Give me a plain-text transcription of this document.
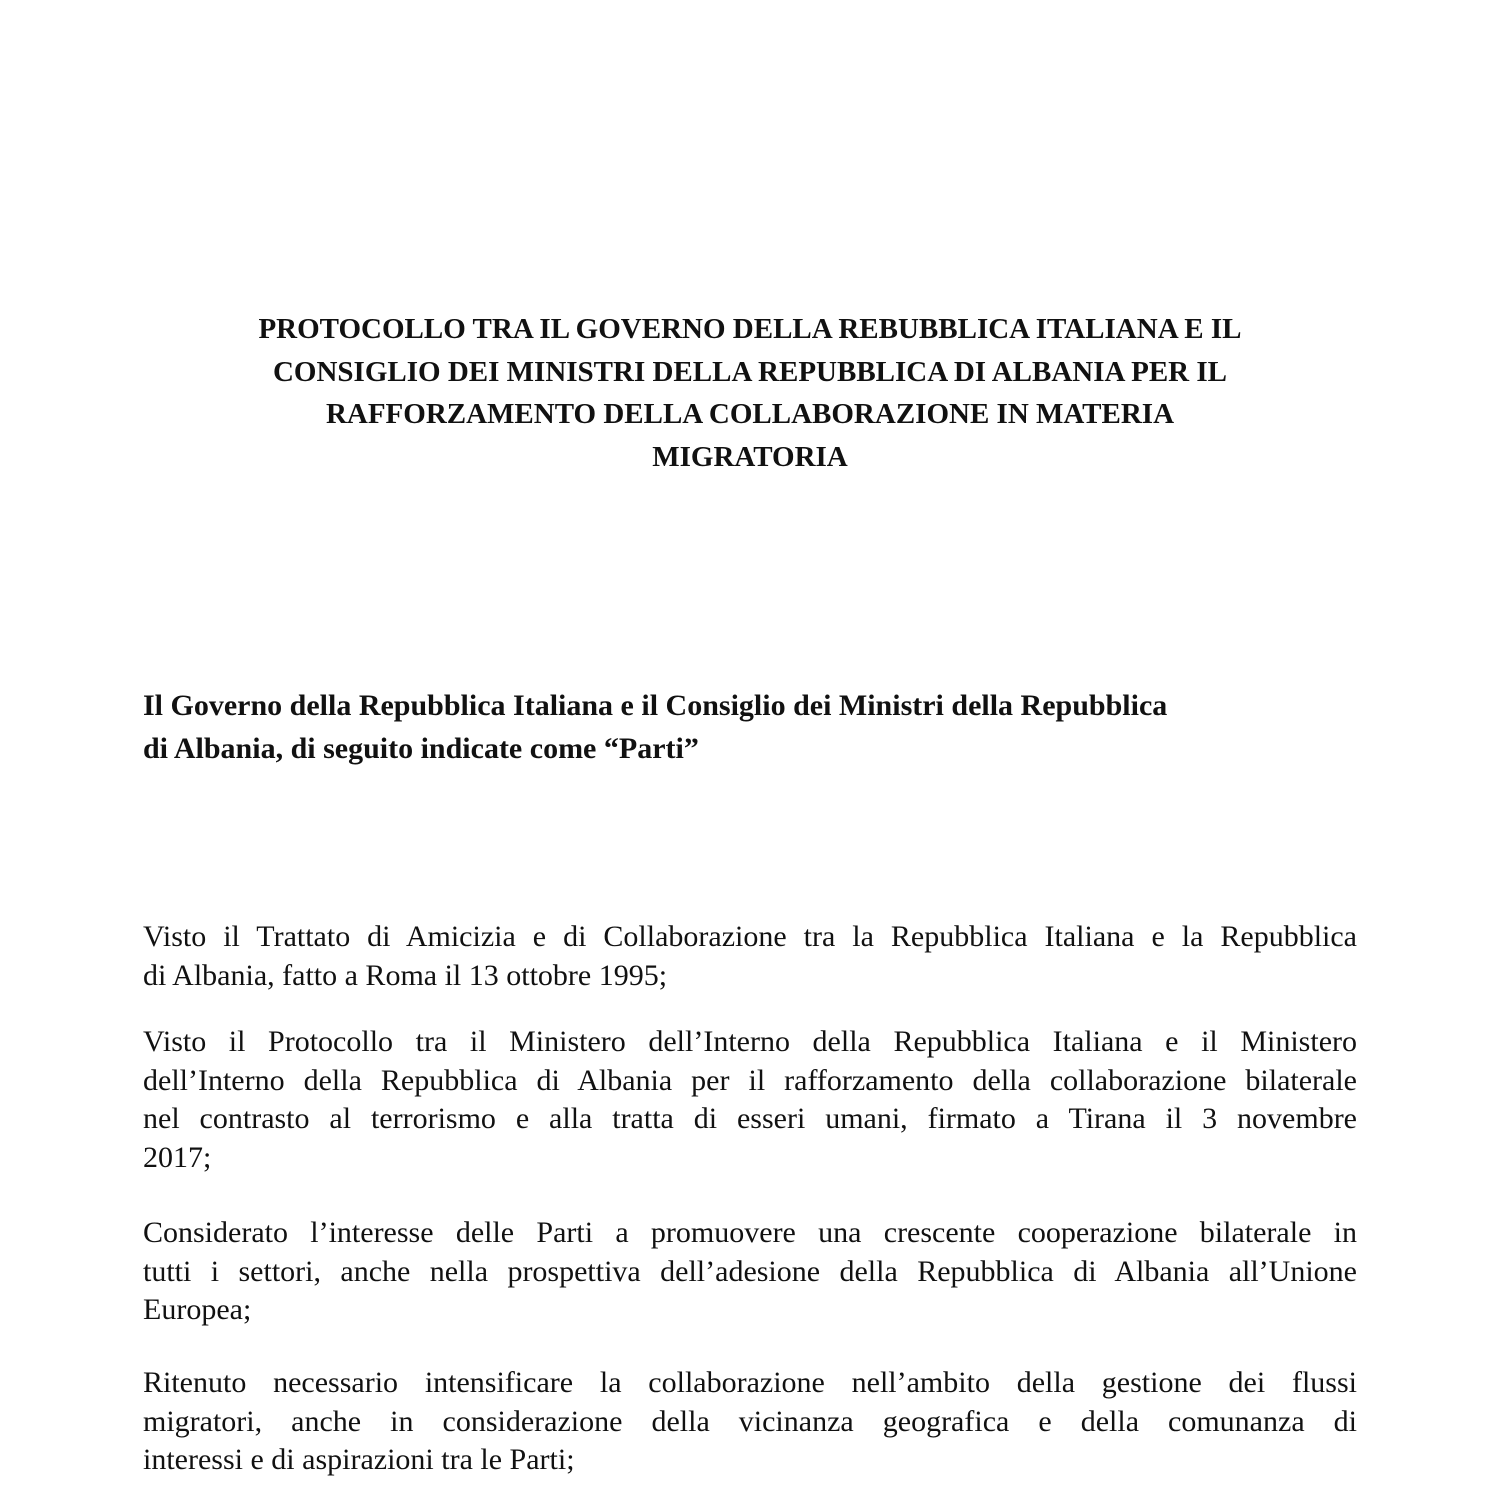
PROTOCOLLO TRA IL GOVERNO DELLA REBUBBLICA ITALIANA E IL
CONSIGLIO DEI MINISTRI DELLA REPUBBLICA DI ALBANIA PER IL
RAFFORZAMENTO DELLA COLLABORAZIONE IN MATERIA
MIGRATORIA

Il Governo della Repubblica Italiana e il Consiglio dei Ministri della Repubblica
di Albania, di seguito indicate come “Parti”

Visto il Trattato di Amicizia e di Collaborazione tra la Repubblica Italiana e la Repubblica
di Albania, fatto a Roma il 13 ottobre 1995;

Visto il Protocollo tra il Ministero dell’Interno della Repubblica Italiana e il Ministero
dell’Interno della Repubblica di Albania per il rafforzamento della collaborazione bilaterale
nel contrasto al terrorismo e alla tratta di esseri umani, firmato a Tirana il 3 novembre
2017;

Considerato l’interesse delle Parti a promuovere una crescente cooperazione bilaterale in
tutti i settori, anche nella prospettiva dell’adesione della Repubblica di Albania all’Unione
Europea;

Ritenuto necessario intensificare la collaborazione nell’ambito della gestione dei flussi
migratori, anche in considerazione della vicinanza geografica e della comunanza di
interessi e di aspirazioni tra le Parti;
